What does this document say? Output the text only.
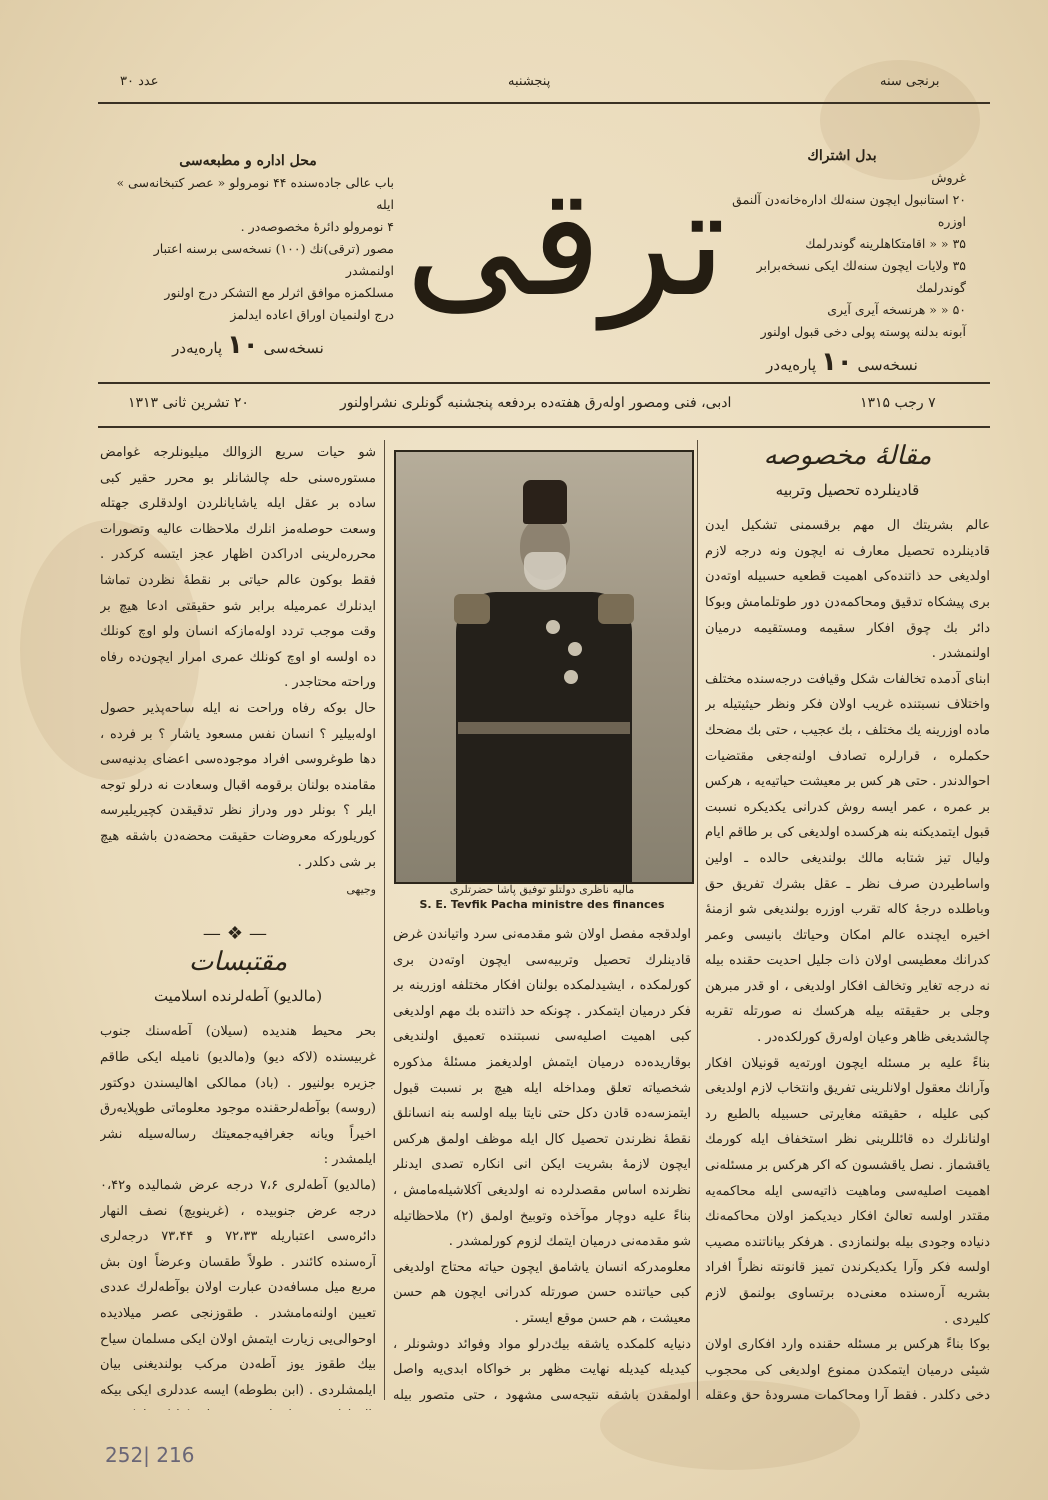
برنجی سنه
پنجشنبه
عدد ۳۰
ترقی	بدل اشتراك
غروش
۲۰ استانبول ایچون سنه‌لك اداره‌خانه‌دن آلنمق اوزره
۳۵ « « اقامتكاهلرینه گوندرلمك
۳۵ ولایات ایچون سنه‌لك ایكی نسخه‌برابر گوندرلمك
۵۰ « « هرنسخه آیری آیری
آبونه بدلنه پوسته پولی دخی قبول اولنور
نسخه‌سی ۱۰ پاره‌یه‌در
محل اداره و مطبعه‌سی
باب عالی جاده‌سنده ۴۴ نومرولو « عصر كتبخانه‌سی » ایله
۴ نومرولو دائرهٔ مخصوصه‌در .
مصور (ترقی)‌نك (۱۰۰) نسخه‌سی برسنه اعتبار اولنمشدر
مسلكمزه موافق اثرلر مع التشكر درج اولنور
درج اولنمیان اوراق اعاده ایدلمز
نسخه‌سی ۱۰ پاره‌یه‌در
۷ رجب ۱۳۱۵
ادبی، فنی ومصور اوله‌رق هفته‌ده بردفعه پنجشنبه گونلری نشراولنور
۲۰ تشرین ثانی ۱۳۱۳
مقالهٔ مخصوصه
قادینلرده تحصیل وتربیه

عالم بشریتك ال مهم برقسمنی تشكیل ایدن قادینلرده تحصیل معارف نه ایچون ونه درجه لازم اولدیغی حد ذاتنده‌كی اهمیت قطعیه حسبیله اوته‌دن بری پیشكاه تدقیق ومحاكمه‌دن دور طوتلمامش وبوكا دائر بك چوق افكار سقیمه ومستقیمه درمیان اولنمشدر .

ابنای آدمده تخالفات شكل وقیافت درجه‌سنده مختلف واختلاف نسبتنده غریب اولان فكر ونظر حیثیتیله بر ماده اوزرینه یك مختلف ، بك عجیب ، حتی بك مضحك حكملره ، قرارلره تصادف اولنه‌جغی مقتضیات احوالدندر . حتی هر كس بر معیشت حیاتیه‌یه ، هركس بر عمره ، عمر ایسه روش كدرانی یكدیكره نسبت قبول ایتمدیكنه بنه هركسده اولدیغی كی بر طاقم ایام ولیال تیز شتابه مالك بولندیغی حالده ـ اولین واساطیردن صرف نظر ـ عقل بشرك تفریق حق وباطلده درجهٔ كاله تقرب اوزره بولندیغی شو ازمنهٔ اخیره ایچنده عالم امكان وحیاتك بانیسی وعمر كدرانك معطیسی اولان ذات جلیل احدیت حقنده بیله نه درجه تغایر وتخالف افكار اولدیغی ، او قدر مبرهن وجلی بر حقیقته بیله هركسك نه صورتله تقربه چالشدیغی ظاهر وعیان اوله‌رق كورلكده‌در .

بناءً علیه بر مسئله ایچون اورته‌یه قونیلان افكار وآرانك معقول اولانلرینی تفریق وانتخاب لازم اولدیغی كبی علیله ، حقیقته مغایرتی حسبیله بالطبع رد اولنانلرك ده قائللرینی نظر استخفاف ایله كورمك یاقشماز . نصل یاقشسون كه اكر هركس بر مسئله‌نی اهمیت اصلیه‌سی وماهیت ذاتیه‌سی ایله محاكمه‌یه مقتدر اولسه تعالیٔ افكار دیدیكمز اولان محاكمه‌نك دنیاده وجودی بیله بولنمازدی . هرفكر بیاناتنده مصیب اولسه فكر وآرا یكدیكرندن تمیز قانونته نظراً افراد بشریه آره‌سنده معنی‌ده برتساوی بولنمق لازم كلیردی .

بوكا بناءً هركس بر مسئله حقنده وارد افكاری اولان شیئی درمیان ایتمكدن ممنوع اولدیغی كی محجوب دخی دكلدر . فقط آرا ومحاكمات مسرودهٔ حق وعقله

مالیه ناظری دولتلو توفیق پاشا حضرتلری
S. E. Tevfik Pacha ministre des finances

اولدقجه مفصل اولان شو مقدمه‌نی سرد واتیاندن غرض قادینلرك تحصیل وتربیه‌سی ایچون اوته‌دن بری كورلمكده ، ایشیدلمكده بولنان افكار مختلفه اوزرینه بر فكر درمیان ایتمكدر . چونكه حد ذاتنده بك مهم اولدیغی كبی اهمیت اصلیه‌سی نسبتنده تعمیق اولندیغی بوقاریده‌ده درمیان ایتمش اولدیغمز مسئلهٔ مذكوره شخصیاته تعلق ومداخله ایله هیچ بر نسبت قبول ایتمزسه‌ده قادن دكل حتی نایتا بیله اولسه بنه انسانلق نقطهٔ نظرندن تحصیل كال ایله موظف اولمق هركس ایچون لازمهٔ بشریت ایكن انی انكاره تصدی ایدنلر نظرنده اساس مقصدلرده نه اولدیغی آكلاشیله‌مامش ، بناءً علیه دوچار موآخذه وتوبیخ اولمق (۲) ملاحظاتیله شو مقدمه‌نی درمیان ایتمك لزوم كورلمشدر .

معلومدركه انسان یاشامق ایچون حیاته محتاج اولدیغی كبی حیاتنده حسن صورتله كدرانی ایچون هم حسن معیشت ، هم حسن موقع ایستر .

دنیایه كلمكده یاشقه بیك‌درلو مواد وفوائد دوشونلر ، كیدیله كیدیله نهایت مظهر بر خواكاه ابدی‌یه واصل اولمقدن باشقه نتیجه‌سی مشهود ، حتی متصور بیله

شو حیات سریع الزوالك میلیونلرجه غوامض مستوره‌سنی حله چالشانلر بو محرر حقیر كبی ساده بر عقل ایله یاشایانلردن اولدقلری جهتله وسعت حوصله‌مز انلرك ملاحظات عالیه وتصورات محرره‌لرینی ادراكدن اظهار عجز ایتسه كركدر . فقط بوكون عالم حیاتی بر نقطهٔ نظردن تماشا ایدنلرك عمرمیله برابر شو حقیقتی ادعا هیچ بر وقت موجب تردد اوله‌مازكه انسان ولو اوچ كونلك ده اولسه او اوچ كونلك عمری امرار ایچون‌ده رفاه وراحته محتاجدر .

حال بوكه رفاه وراحت نه ایله ساحه‌پذیر حصول اوله‌بیلیر ؟ انسان نفس مسعود یاشار ؟ بر فرده ، دها طوغروسی افراد موجوده‌سی اعضای بدنیه‌سی مقامنده بولنان برقومه اقبال وسعادت نه درلو توجه ایلر ؟ بونلر دور ودراز نظر تدقیقدن كچیریلیرسه كوریلوركه معروضات حقیقت محضه‌دن باشقه هیچ بر شی دكلدر .

وجیهی
—❖—
مقتبسات
(مالدیو) آطه‌لرنده اسلامیت

بحر محیط هندیده (سیلان) آطه‌سنك جنوب غربیسنده (لاكه دیو) و(مالدیو) نامیله ایكی طاقم جزیره بولنیور . (باد) ممالكی اهالیسندن دوكتور (روسه) بوآطه‌لرحقنده موجود معلوماتی طوپلایه‌رق اخیراً ویانه جغرافیه‌جمعیتك رساله‌سیله نشر ایلمشدر :

(مالدیو) آطه‌لری ۷،۶ درجه عرض شمالیده و۰،۴۲ درجه عرض جنوبیده ، (غرینویچ) نصف النهار دائره‌سی اعتباریله ۷۲،۳۳ و ۷۳،۴۴ درجه‌لری آره‌سنده كائندر . طولاً طقسان وعرضاً اون بش مربع میل مسافه‌دن عبارت اولان بوآطه‌لرك عددی تعیین اولنه‌مامشدر . طقوزنجی عصر میلادیده اوحوالی‌یی زیارت ایتمش اولان ایكی مسلمان سیاح بیك طقوز یوز آطه‌دن مركب بولندیغنی بیان ایلمشلردی . (ابن بطوطه) ایسه عددلری ایكی بیكه

252| 216
